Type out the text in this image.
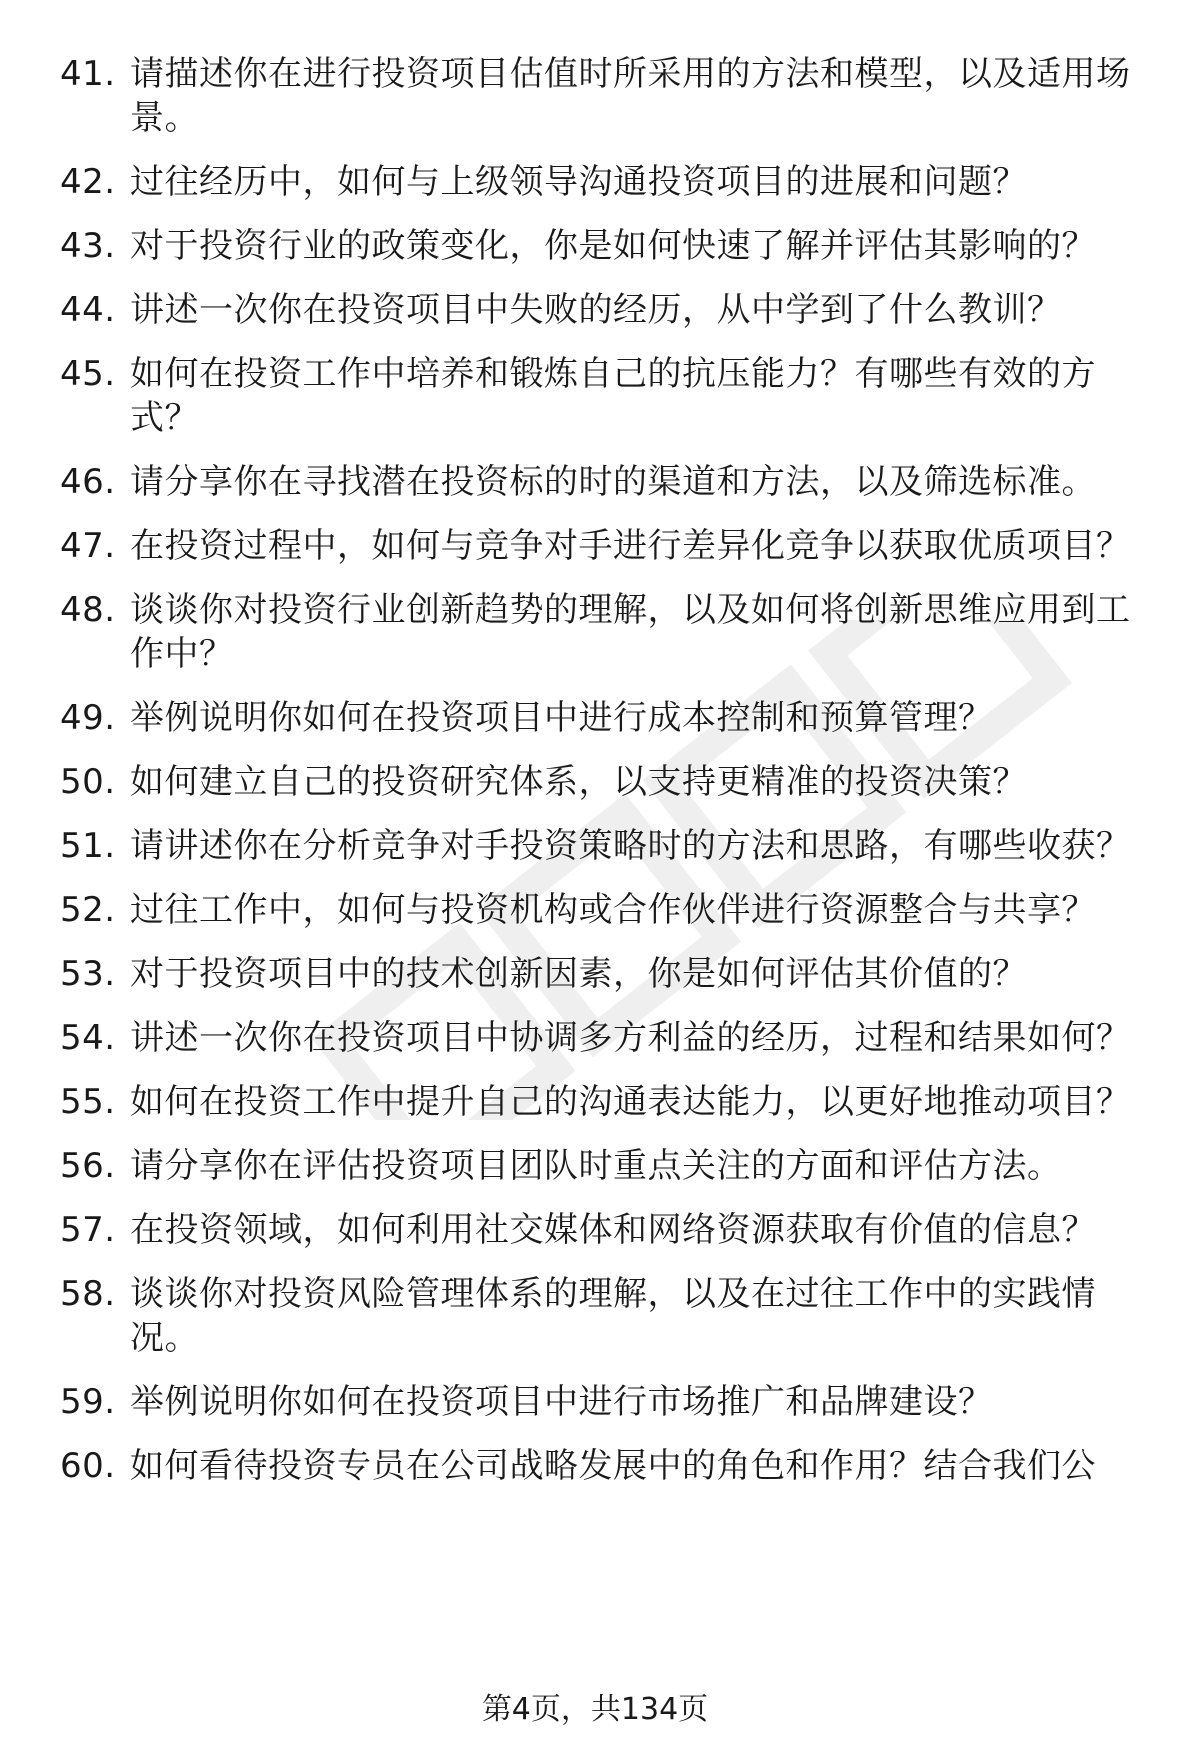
41. 请描述你在进行投资项目估值时所采用的方法和模型，以及适用场景。
42. 过往经历中，如何与上级领导沟通投资项目的进展和问题？
43. 对于投资行业的政策变化，你是如何快速了解并评估其影响的？
44. 讲述一次你在投资项目中失败的经历，从中学到了什么教训？
45. 如何在投资工作中培养和锻炼自己的抗压能力？有哪些有效的方式？
46. 请分享你在寻找潜在投资标的时的渠道和方法，以及筛选标准。
47. 在投资过程中，如何与竞争对手进行差异化竞争以获取优质项目？
48. 谈谈你对投资行业创新趋势的理解，以及如何将创新思维应用到工作中？
49. 举例说明你如何在投资项目中进行成本控制和预算管理？
50. 如何建立自己的投资研究体系，以支持更精准的投资决策？
51. 请讲述你在分析竞争对手投资策略时的方法和思路，有哪些收获？
52. 过往工作中，如何与投资机构或合作伙伴进行资源整合与共享？
53. 对于投资项目中的技术创新因素，你是如何评估其价值的？
54. 讲述一次你在投资项目中协调多方利益的经历，过程和结果如何？
55. 如何在投资工作中提升自己的沟通表达能力，以更好地推动项目？
56. 请分享你在评估投资项目团队时重点关注的方面和评估方法。
57. 在投资领域，如何利用社交媒体和网络资源获取有价值的信息？
58. 谈谈你对投资风险管理体系的理解，以及在过往工作中的实践情况。
59. 举例说明你如何在投资项目中进行市场推广和品牌建设？
60. 如何看待投资专员在公司战略发展中的角色和作用？结合我们公
第4页，共134页
